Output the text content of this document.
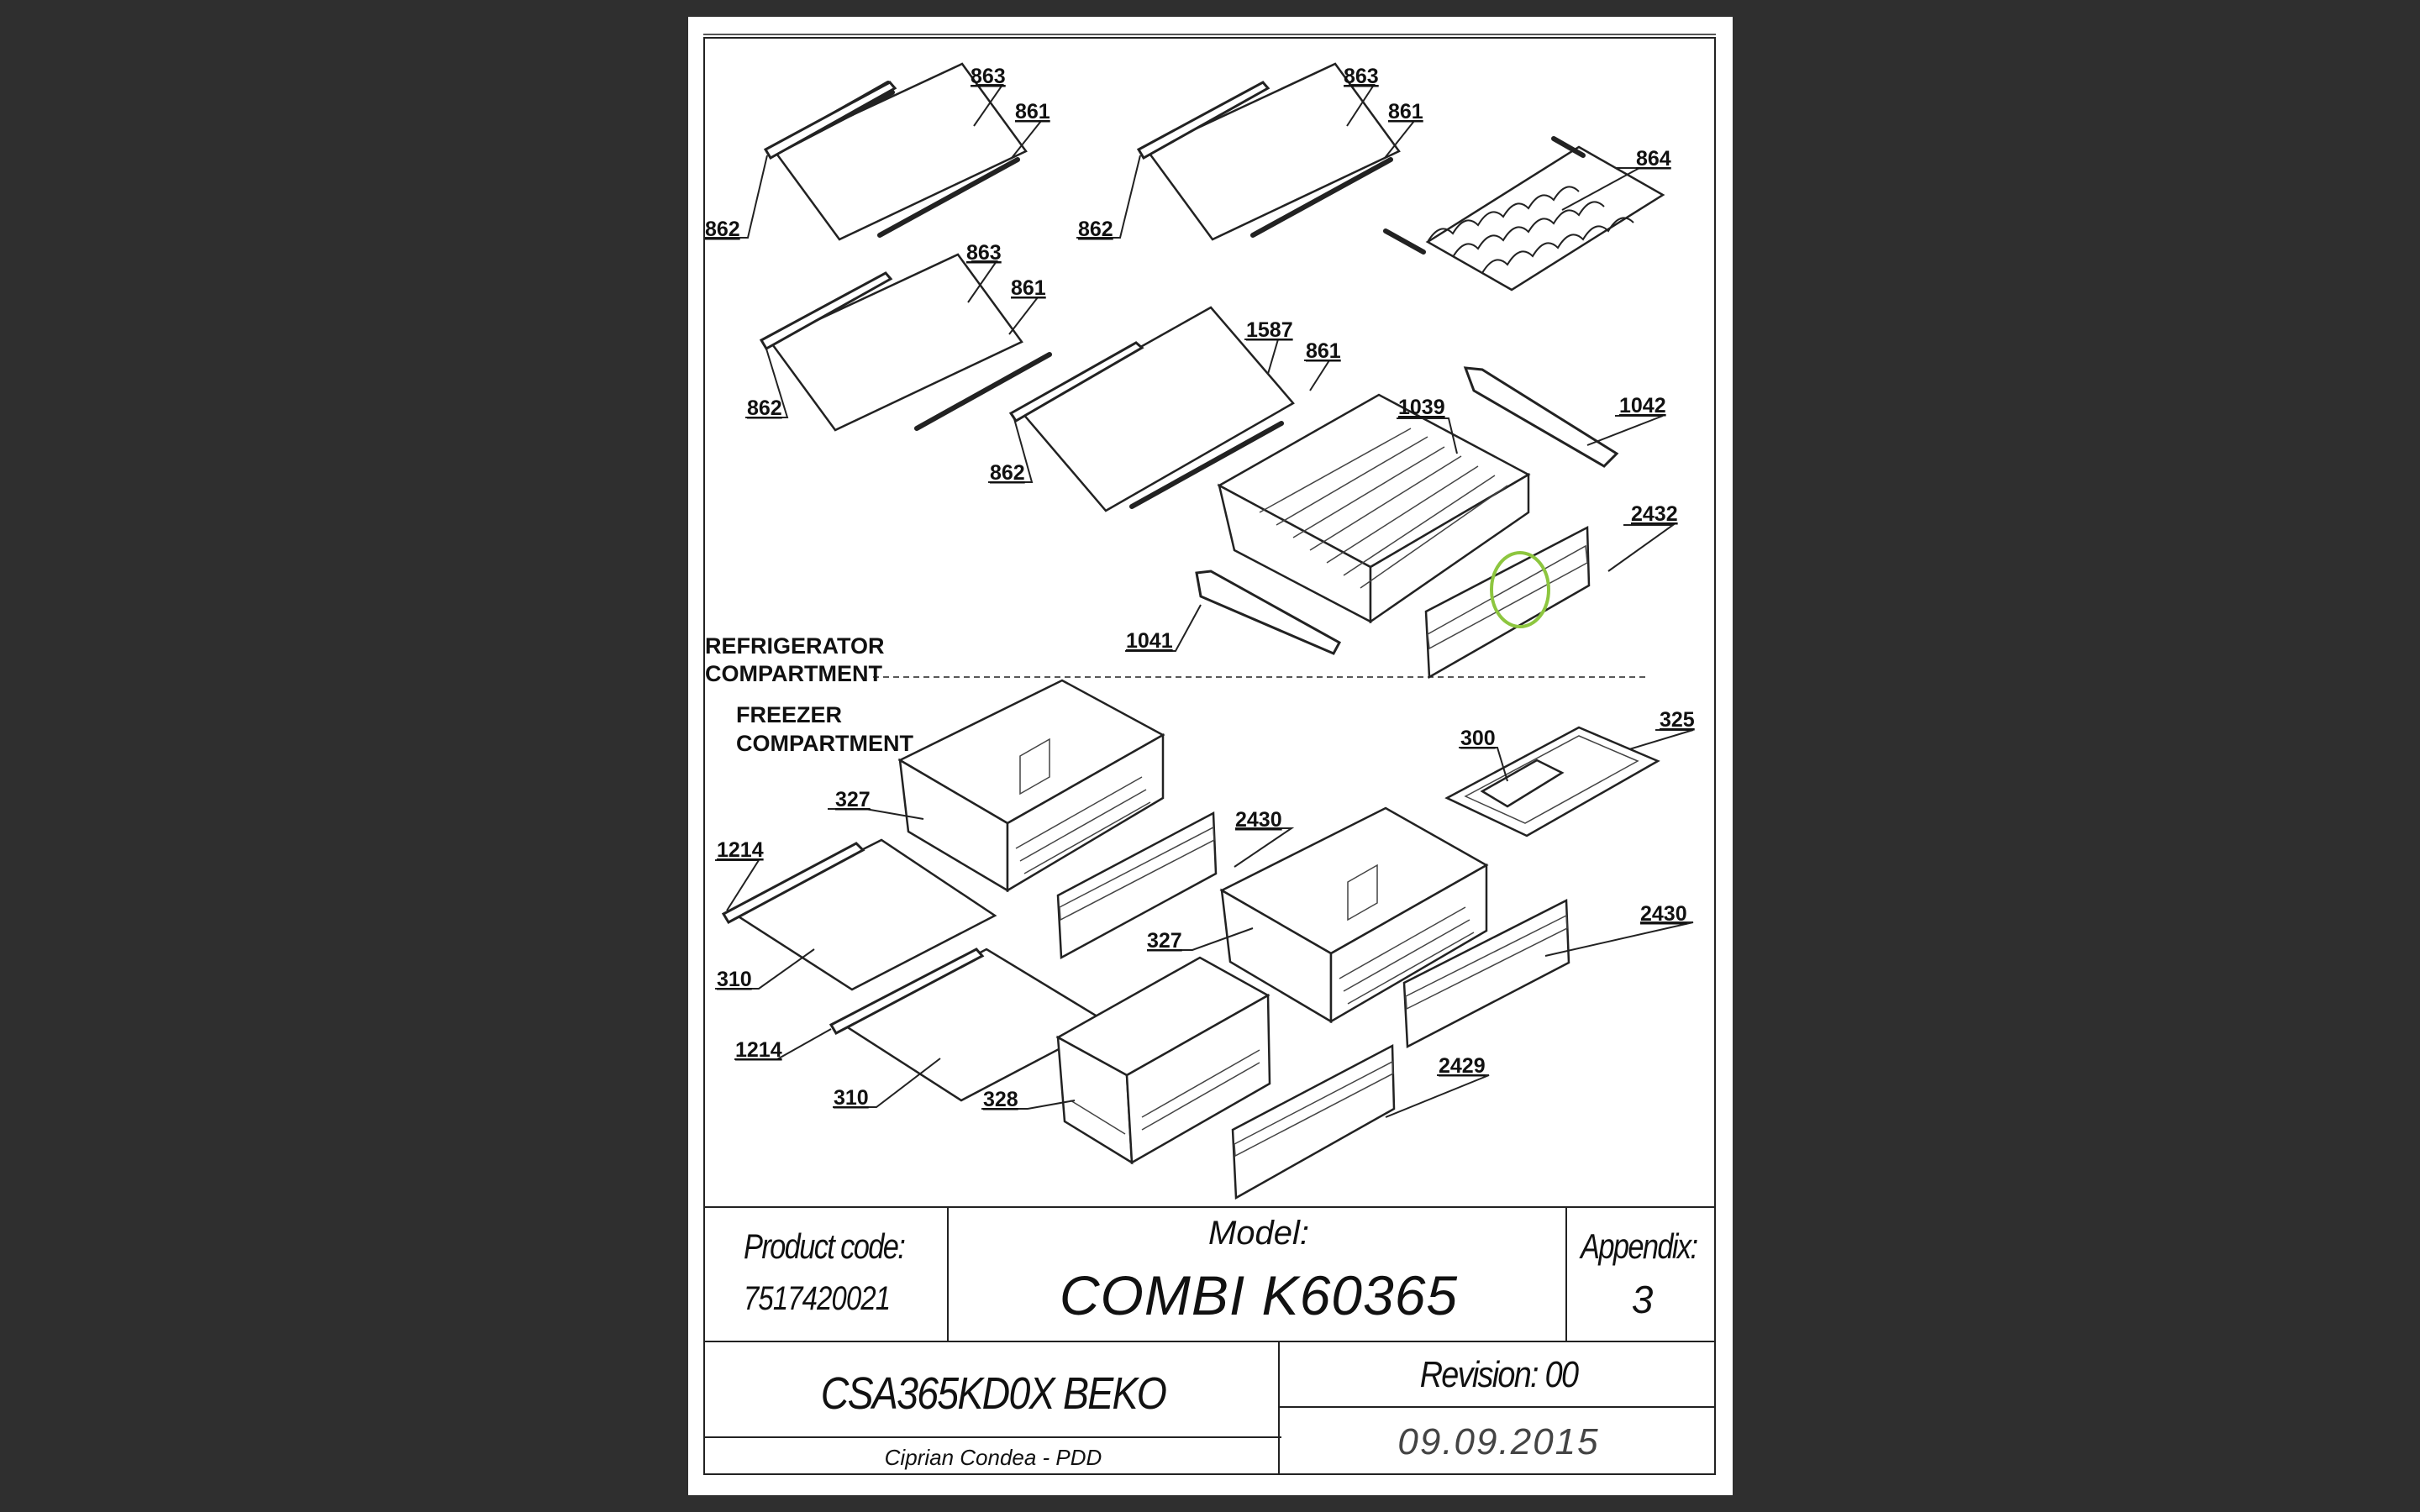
863
861
862
863
861
862
864
863
861
862
1587
861
862
1039	1042
2432
1041
300
325
327
2430
1214
310
327
2430
1214
310	328
2429
REFRIGERATOR
COMPARTMENT
FREEZER
COMPARTMENT
Product code:
7517420021
Model:
COMBI K60365
Appendix:
3
CSA365KD0X BEKO
Ciprian Condea - PDD
Revision: 00
09.09.2015
